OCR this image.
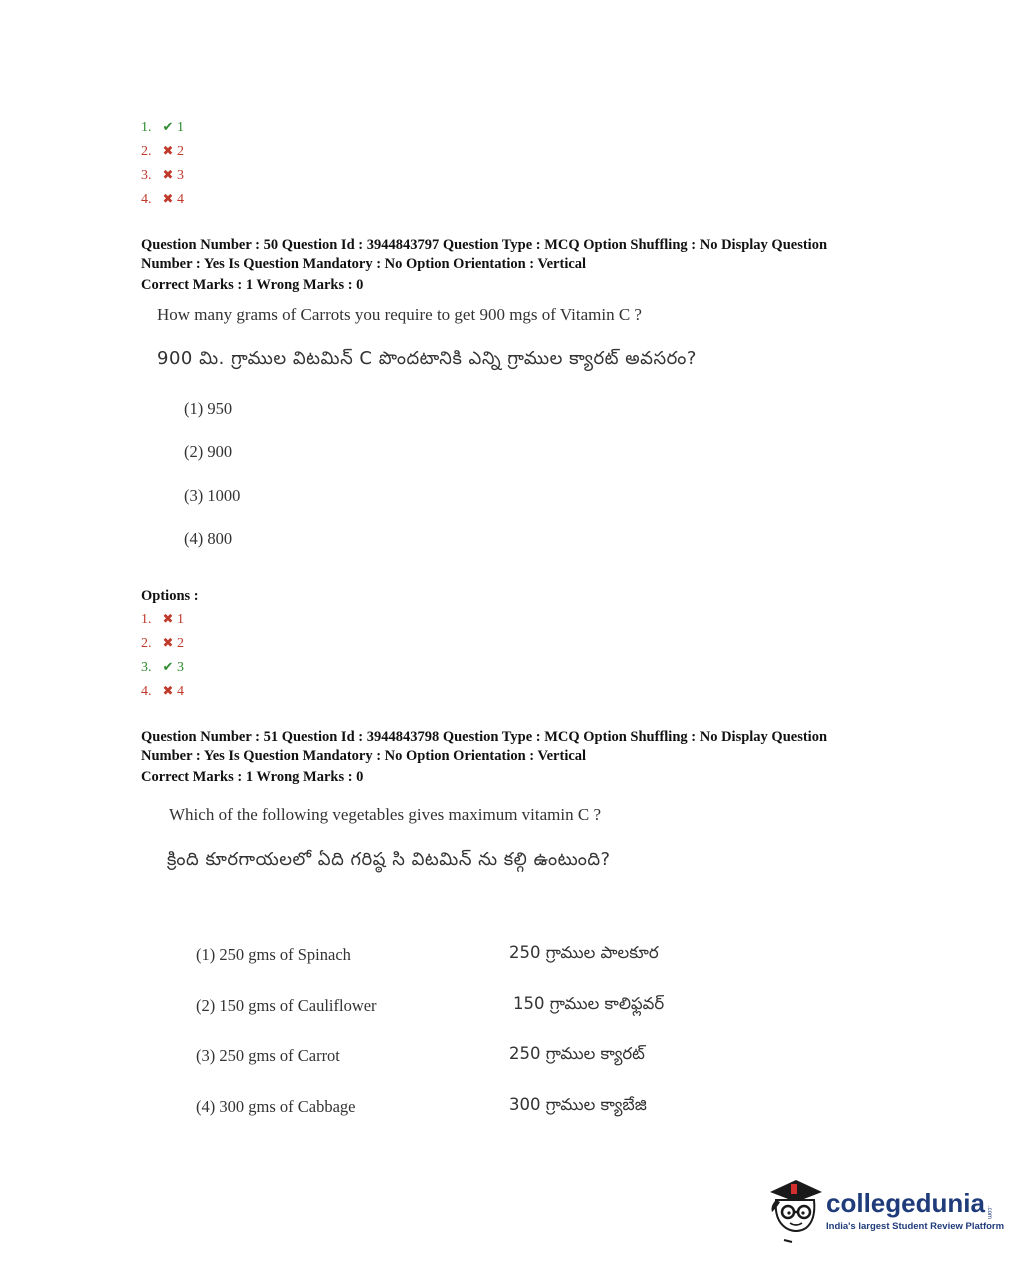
1. ✔ 1
2. ✖ 2
3. ✖ 3
4. ✖ 4
Question Number : 50 Question Id : 3944843797 Question Type : MCQ Option Shuffling : No Display Question
Number : Yes Is Question Mandatory : No Option Orientation : Vertical
Correct Marks : 1 Wrong Marks : 0
How many grams of Carrots you require to get 900 mgs of Vitamin C ?
900 మి. గ్రాముల విటమిన్ C పొందటానికి ఎన్ని గ్రాముల క్యారట్ అవసరం?
(1) 950
(2) 900
(3) 1000
(4) 800
Options :
1. ✖ 1
2. ✖ 2
3. ✔ 3
4. ✖ 4
Question Number : 51 Question Id : 3944843798 Question Type : MCQ Option Shuffling : No Display Question
Number : Yes Is Question Mandatory : No Option Orientation : Vertical
Correct Marks : 1 Wrong Marks : 0
Which of the following vegetables gives maximum vitamin C ?
క్రింది కూరగాయలలో ఏది గరిష్ఠ సి విటమిన్ ను కల్గి ఉంటుంది?
(1) 250 gms of Spinach	250 గ్రాముల పాలకూర
(2) 150 gms of Cauliflower	150 గ్రాముల కాలిఫ్లవర్
(3) 250 gms of Carrot	250 గ్రాముల క్యారట్
(4) 300 gms of Cabbage	300 గ్రాముల క్యాబేజి
collegedunia .com
India's largest Student Review Platform
